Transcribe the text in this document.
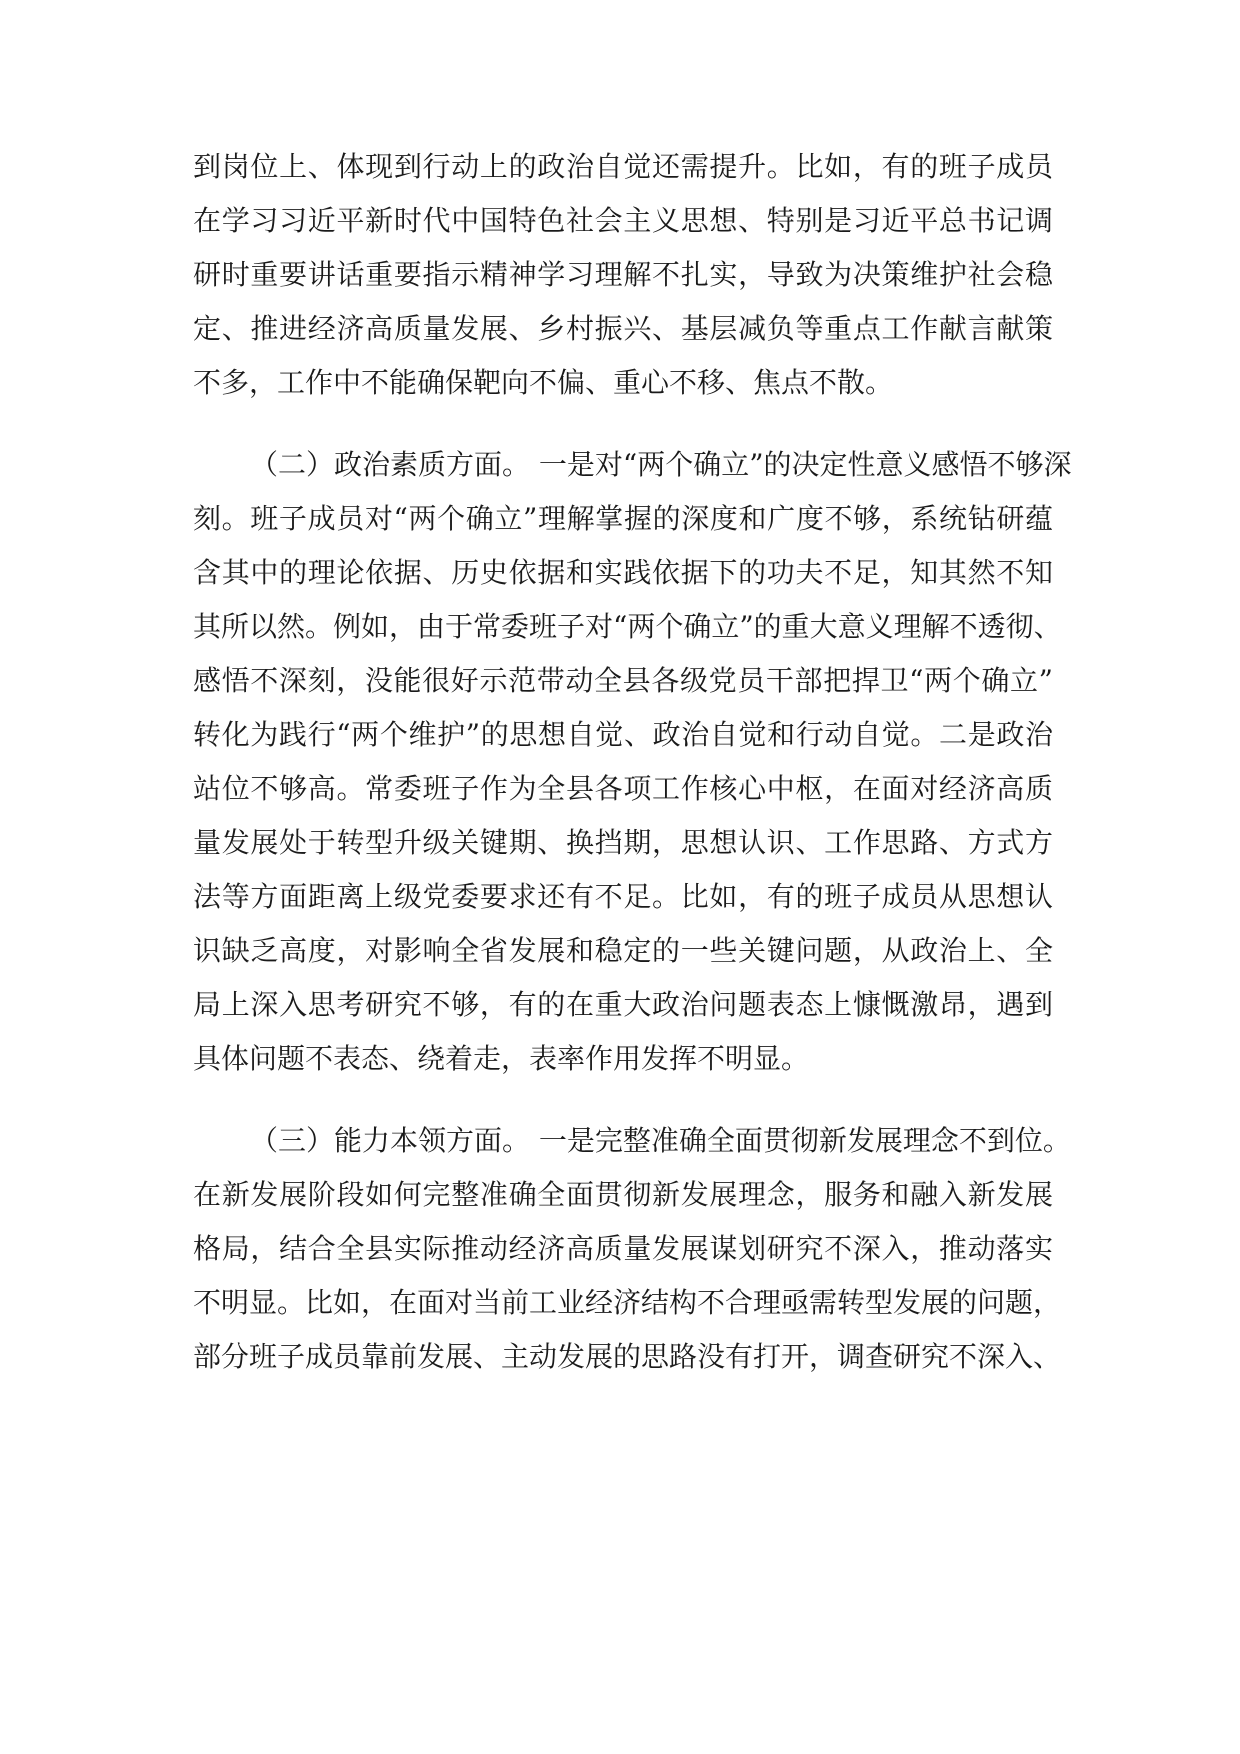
到岗位上、体现到行动上的政治自觉还需提升。比如，有的班子成员
在学习习近平新时代中国特色社会主义思想、特别是习近平总书记调
研时重要讲话重要指示精神学习理解不扎实，导致为决策维护社会稳
定、推进经济高质量发展、乡村振兴、基层减负等重点工作献言献策
不多，工作中不能确保靶向不偏、重心不移、焦点不散。
（二）政治素质方面。 一是对“两个确立”的决定性意义感悟不够深
刻。班子成员对“两个确立”理解掌握的深度和广度不够，系统钻研蕴
含其中的理论依据、历史依据和实践依据下的功夫不足，知其然不知
其所以然。例如，由于常委班子对“两个确立”的重大意义理解不透彻、
感悟不深刻，没能很好示范带动全县各级党员干部把捍卫“两个确立”
转化为践行“两个维护”的思想自觉、政治自觉和行动自觉。二是政治
站位不够高。常委班子作为全县各项工作核心中枢，在面对经济高质
量发展处于转型升级关键期、换挡期，思想认识、工作思路、方式方
法等方面距离上级党委要求还有不足。比如，有的班子成员从思想认
识缺乏高度，对影响全省发展和稳定的一些关键问题，从政治上、全
局上深入思考研究不够，有的在重大政治问题表态上慷慨激昂，遇到
具体问题不表态、绕着走，表率作用发挥不明显。
（三）能力本领方面。 一是完整准确全面贯彻新发展理念不到位。
在新发展阶段如何完整准确全面贯彻新发展理念，服务和融入新发展
格局，结合全县实际推动经济高质量发展谋划研究不深入，推动落实
不明显。比如，在面对当前工业经济结构不合理亟需转型发展的问题，
部分班子成员靠前发展、主动发展的思路没有打开，调查研究不深入、
